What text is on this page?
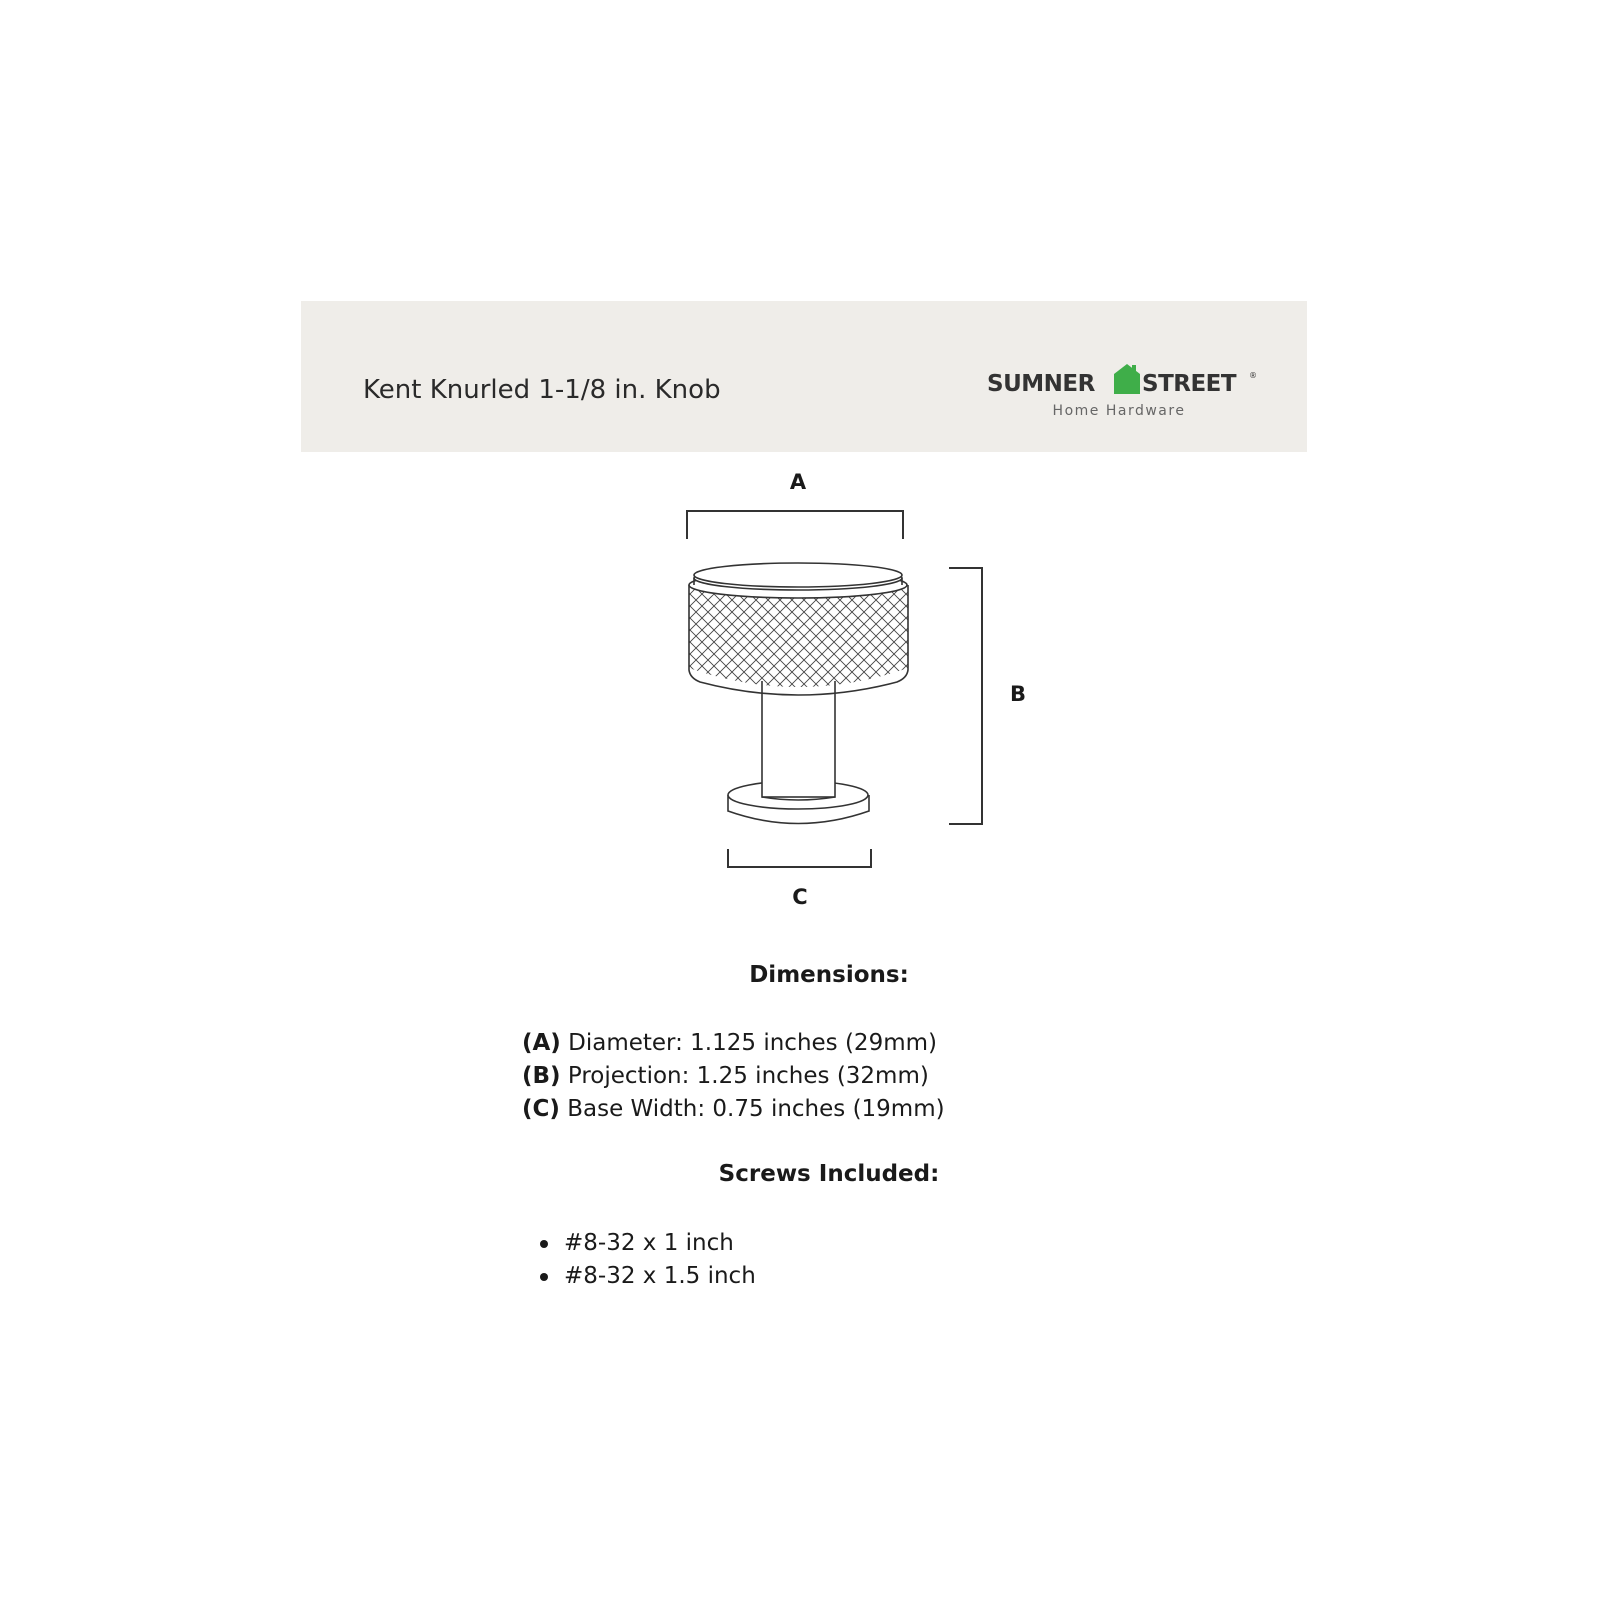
Kent Knurled 1-1/8 in. Knob	SUMNER STREET ®
Home Hardware
A
B
C
Dimensions:
(A) Diameter: 1.125 inches (29mm)
(B) Projection: 1.25 inches (32mm)
(C) Base Width: 0.75 inches (19mm)
Screws Included:
#8-32 x 1 inch
#8-32 x 1.5 inch
